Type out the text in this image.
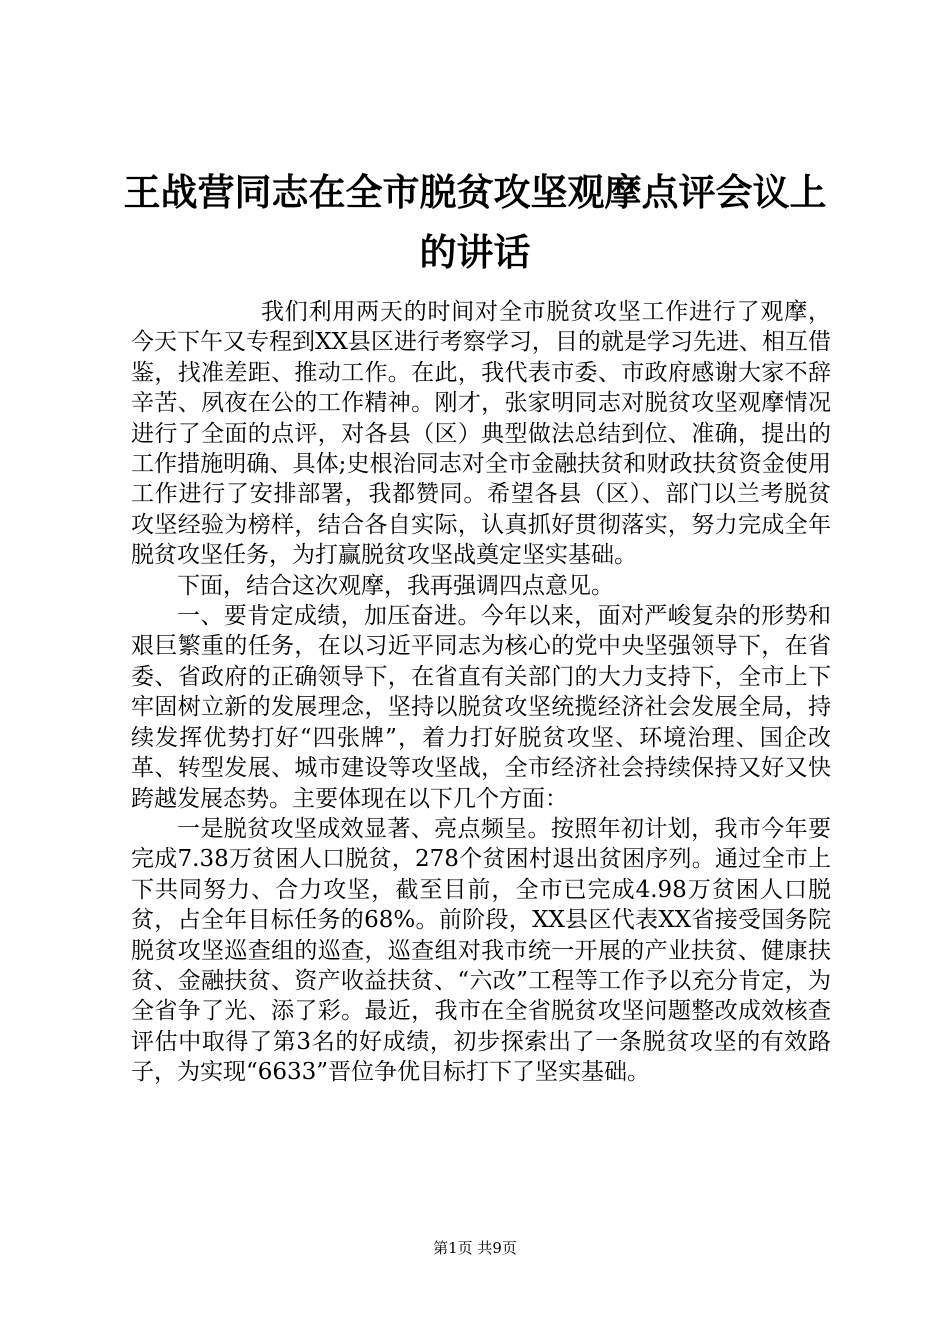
王战营同志在全市脱贫攻坚观摩点评会议上的讲话

我们利用两天的时间对全市脱贫攻坚工作进行了观摩，今天下午又专程到XX县区进行考察学习，目的就是学习先进、相互借鉴，找准差距、推动工作。在此，我代表市委、市政府感谢大家不辞辛苦、夙夜在公的工作精神。刚才，张家明同志对脱贫攻坚观摩情况进行了全面的点评，对各县（区）典型做法总结到位、准确，提出的工作措施明确、具体;史根治同志对全市金融扶贫和财政扶贫资金使用工作进行了安排部署，我都赞同。希望各县（区）、部门以兰考脱贫攻坚经验为榜样，结合各自实际，认真抓好贯彻落实，努力完成全年脱贫攻坚任务，为打赢脱贫攻坚战奠定坚实基础。

下面，结合这次观摩，我再强调四点意见。

一、要肯定成绩，加压奋进。今年以来，面对严峻复杂的形势和艰巨繁重的任务，在以习近平同志为核心的党中央坚强领导下，在省委、省政府的正确领导下，在省直有关部门的大力支持下，全市上下牢固树立新的发展理念，坚持以脱贫攻坚统揽经济社会发展全局，持续发挥优势打好“四张牌”，着力打好脱贫攻坚、环境治理、国企改革、转型发展、城市建设等攻坚战，全市经济社会持续保持又好又快跨越发展态势。主要体现在以下几个方面：

一是脱贫攻坚成效显著、亮点频呈。按照年初计划，我市今年要完成7.38万贫困人口脱贫，278个贫困村退出贫困序列。通过全市上下共同努力、合力攻坚，截至目前，全市已完成4.98万贫困人口脱贫，占全年目标任务的68%。前阶段，XX县区代表XX省接受国务院脱贫攻坚巡查组的巡查，巡查组对我市统一开展的产业扶贫、健康扶贫、金融扶贫、资产收益扶贫、“六改”工程等工作予以充分肯定，为全省争了光、添了彩。最近，我市在全省脱贫攻坚问题整改成效核查评估中取得了第3名的好成绩，初步探索出了一条脱贫攻坚的有效路子，为实现“6633”晋位争优目标打下了坚实基础。

第1页 共9页
